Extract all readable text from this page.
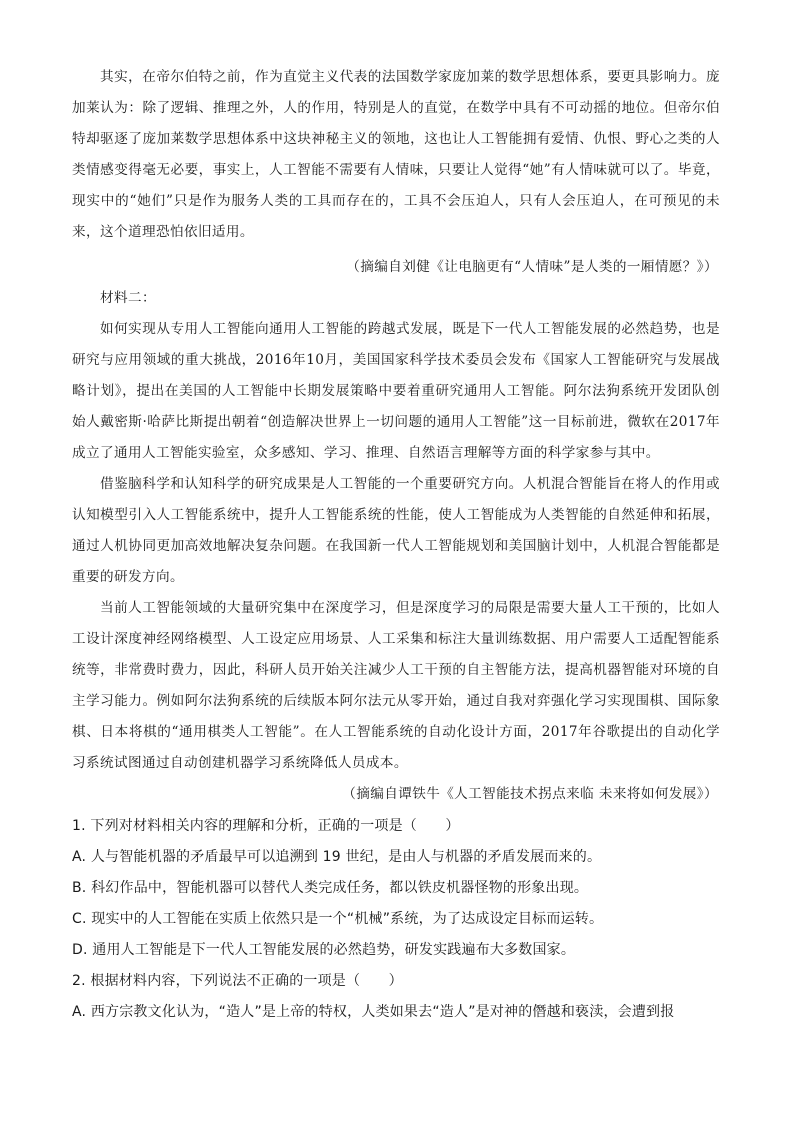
其实，在帝尔伯特之前，作为直觉主义代表的法国数学家庞加莱的数学思想体系，要更具影响力。庞加莱认为：除了逻辑、推理之外，人的作用，特别是人的直觉，在数学中具有不可动摇的地位。但帝尔伯特却驱逐了庞加莱数学思想体系中这块神秘主义的领地，这也让人工智能拥有爱情、仇恨、野心之类的人类情感变得毫无必要，事实上，人工智能不需要有人情味，只要让人觉得“她”有人情味就可以了。毕竟，现实中的“她们”只是作为服务人类的工具而存在的，工具不会压迫人，只有人会压迫人，在可预见的未来，这个道理恐怕依旧适用。

（摘编自刘健《让电脑更有“人情味”是人类的一厢情愿？》）

材料二：

如何实现从专用人工智能向通用人工智能的跨越式发展，既是下一代人工智能发展的必然趋势，也是研究与应用领域的重大挑战，2016年10月，美国国家科学技术委员会发布《国家人工智能研究与发展战略计划》，提出在美国的人工智能中长期发展策略中要着重研究通用人工智能。阿尔法狗系统开发团队创始人戴密斯·哈萨比斯提出朝着“创造解决世界上一切问题的通用人工智能”这一目标前进，微软在2017年成立了通用人工智能实验室，众多感知、学习、推理、自然语言理解等方面的科学家参与其中。

借鉴脑科学和认知科学的研究成果是人工智能的一个重要研究方向。人机混合智能旨在将人的作用或认知模型引入人工智能系统中，提升人工智能系统的性能，使人工智能成为人类智能的自然延伸和拓展，通过人机协同更加高效地解决复杂问题。在我国新一代人工智能规划和美国脑计划中，人机混合智能都是重要的研发方向。

当前人工智能领域的大量研究集中在深度学习，但是深度学习的局限是需要大量人工干预的，比如人工设计深度神经网络模型、人工设定应用场景、人工采集和标注大量训练数据、用户需要人工适配智能系统等，非常费时费力，因此，科研人员开始关注减少人工干预的自主智能方法，提高机器智能对环境的自主学习能力。例如阿尔法狗系统的后续版本阿尔法元从零开始，通过自我对弈强化学习实现围棋、国际象棋、日本将棋的“通用棋类人工智能”。在人工智能系统的自动化设计方面，2017年谷歌提出的自动化学习系统试图通过自动创建机器学习系统降低人员成本。

（摘编自谭铁牛《人工智能技术拐点来临 未来将如何发展》）

1. 下列对材料相关内容的理解和分析，正确的一项是（　　）

A. 人与智能机器的矛盾最早可以追溯到 19 世纪，是由人与机器的矛盾发展而来的。

B. 科幻作品中，智能机器可以替代人类完成任务，都以铁皮机器怪物的形象出现。

C. 现实中的人工智能在实质上依然只是一个“机械”系统，为了达成设定目标而运转。

D. 通用人工智能是下一代人工智能发展的必然趋势，研发实践遍布大多数国家。

2. 根据材料内容，下列说法不正确的一项是（　　）

A. 西方宗教文化认为，“造人”是上帝的特权，人类如果去“造人”是对神的僭越和亵渎，会遭到报
